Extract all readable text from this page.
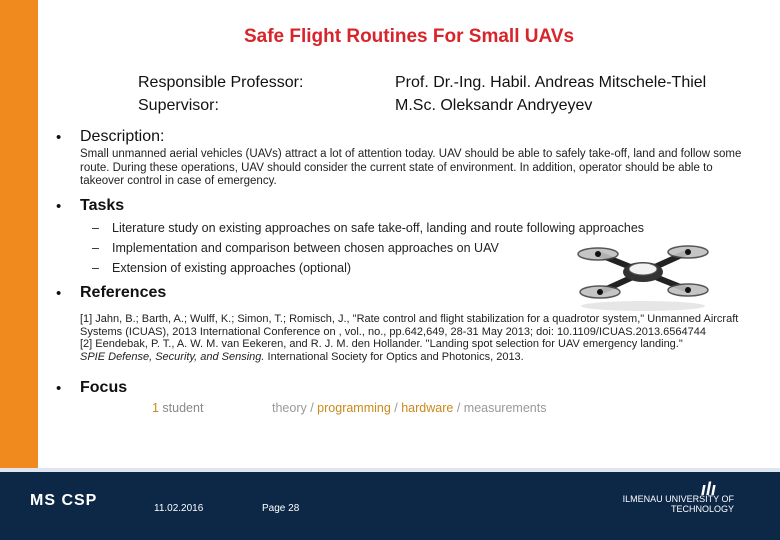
Safe Flight Routines For Small UAVs
Responsible Professor:	Prof. Dr.-Ing. Habil. Andreas Mitschele-Thiel
Supervisor:	M.Sc. Oleksandr Andryeyev
• Description:
Small unmanned aerial vehicles (UAVs) attract a lot of attention today. UAV should be able to safely take-off, land and follow some route. During these operations, UAV should consider the current state of environment. In addition, operator should be able to takeover control in case of emergency.
• Tasks
– Literature study on existing approaches on safe take-off, landing and route following approaches
– Implementation and comparison between chosen approaches on UAV
– Extension of existing approaches (optional)
• References
[1] Jahn, B.; Barth, A.; Wulff, K.; Simon, T.; Romisch, J., "Rate control and flight stabilization for a quadrotor system," Unmanned Aircraft Systems (ICUAS), 2013 International Conference on , vol., no., pp.642,649, 28-31 May 2013; doi: 10.1109/ICUAS.2013.6564744
[2] Eendebak, P. T., A. W. M. van Eekeren, and R. J. M. den Hollander. "Landing spot selection for UAV emergency landing."
SPIE Defense, Security, and Sensing. International Society for Optics and Photonics, 2013.
• Focus
1 student	theory / programming / hardware / measurements
MS CSP	11.02.2016	Page 28
ılı
ILMENAU UNIVERSITY OF
TECHNOLOGY
